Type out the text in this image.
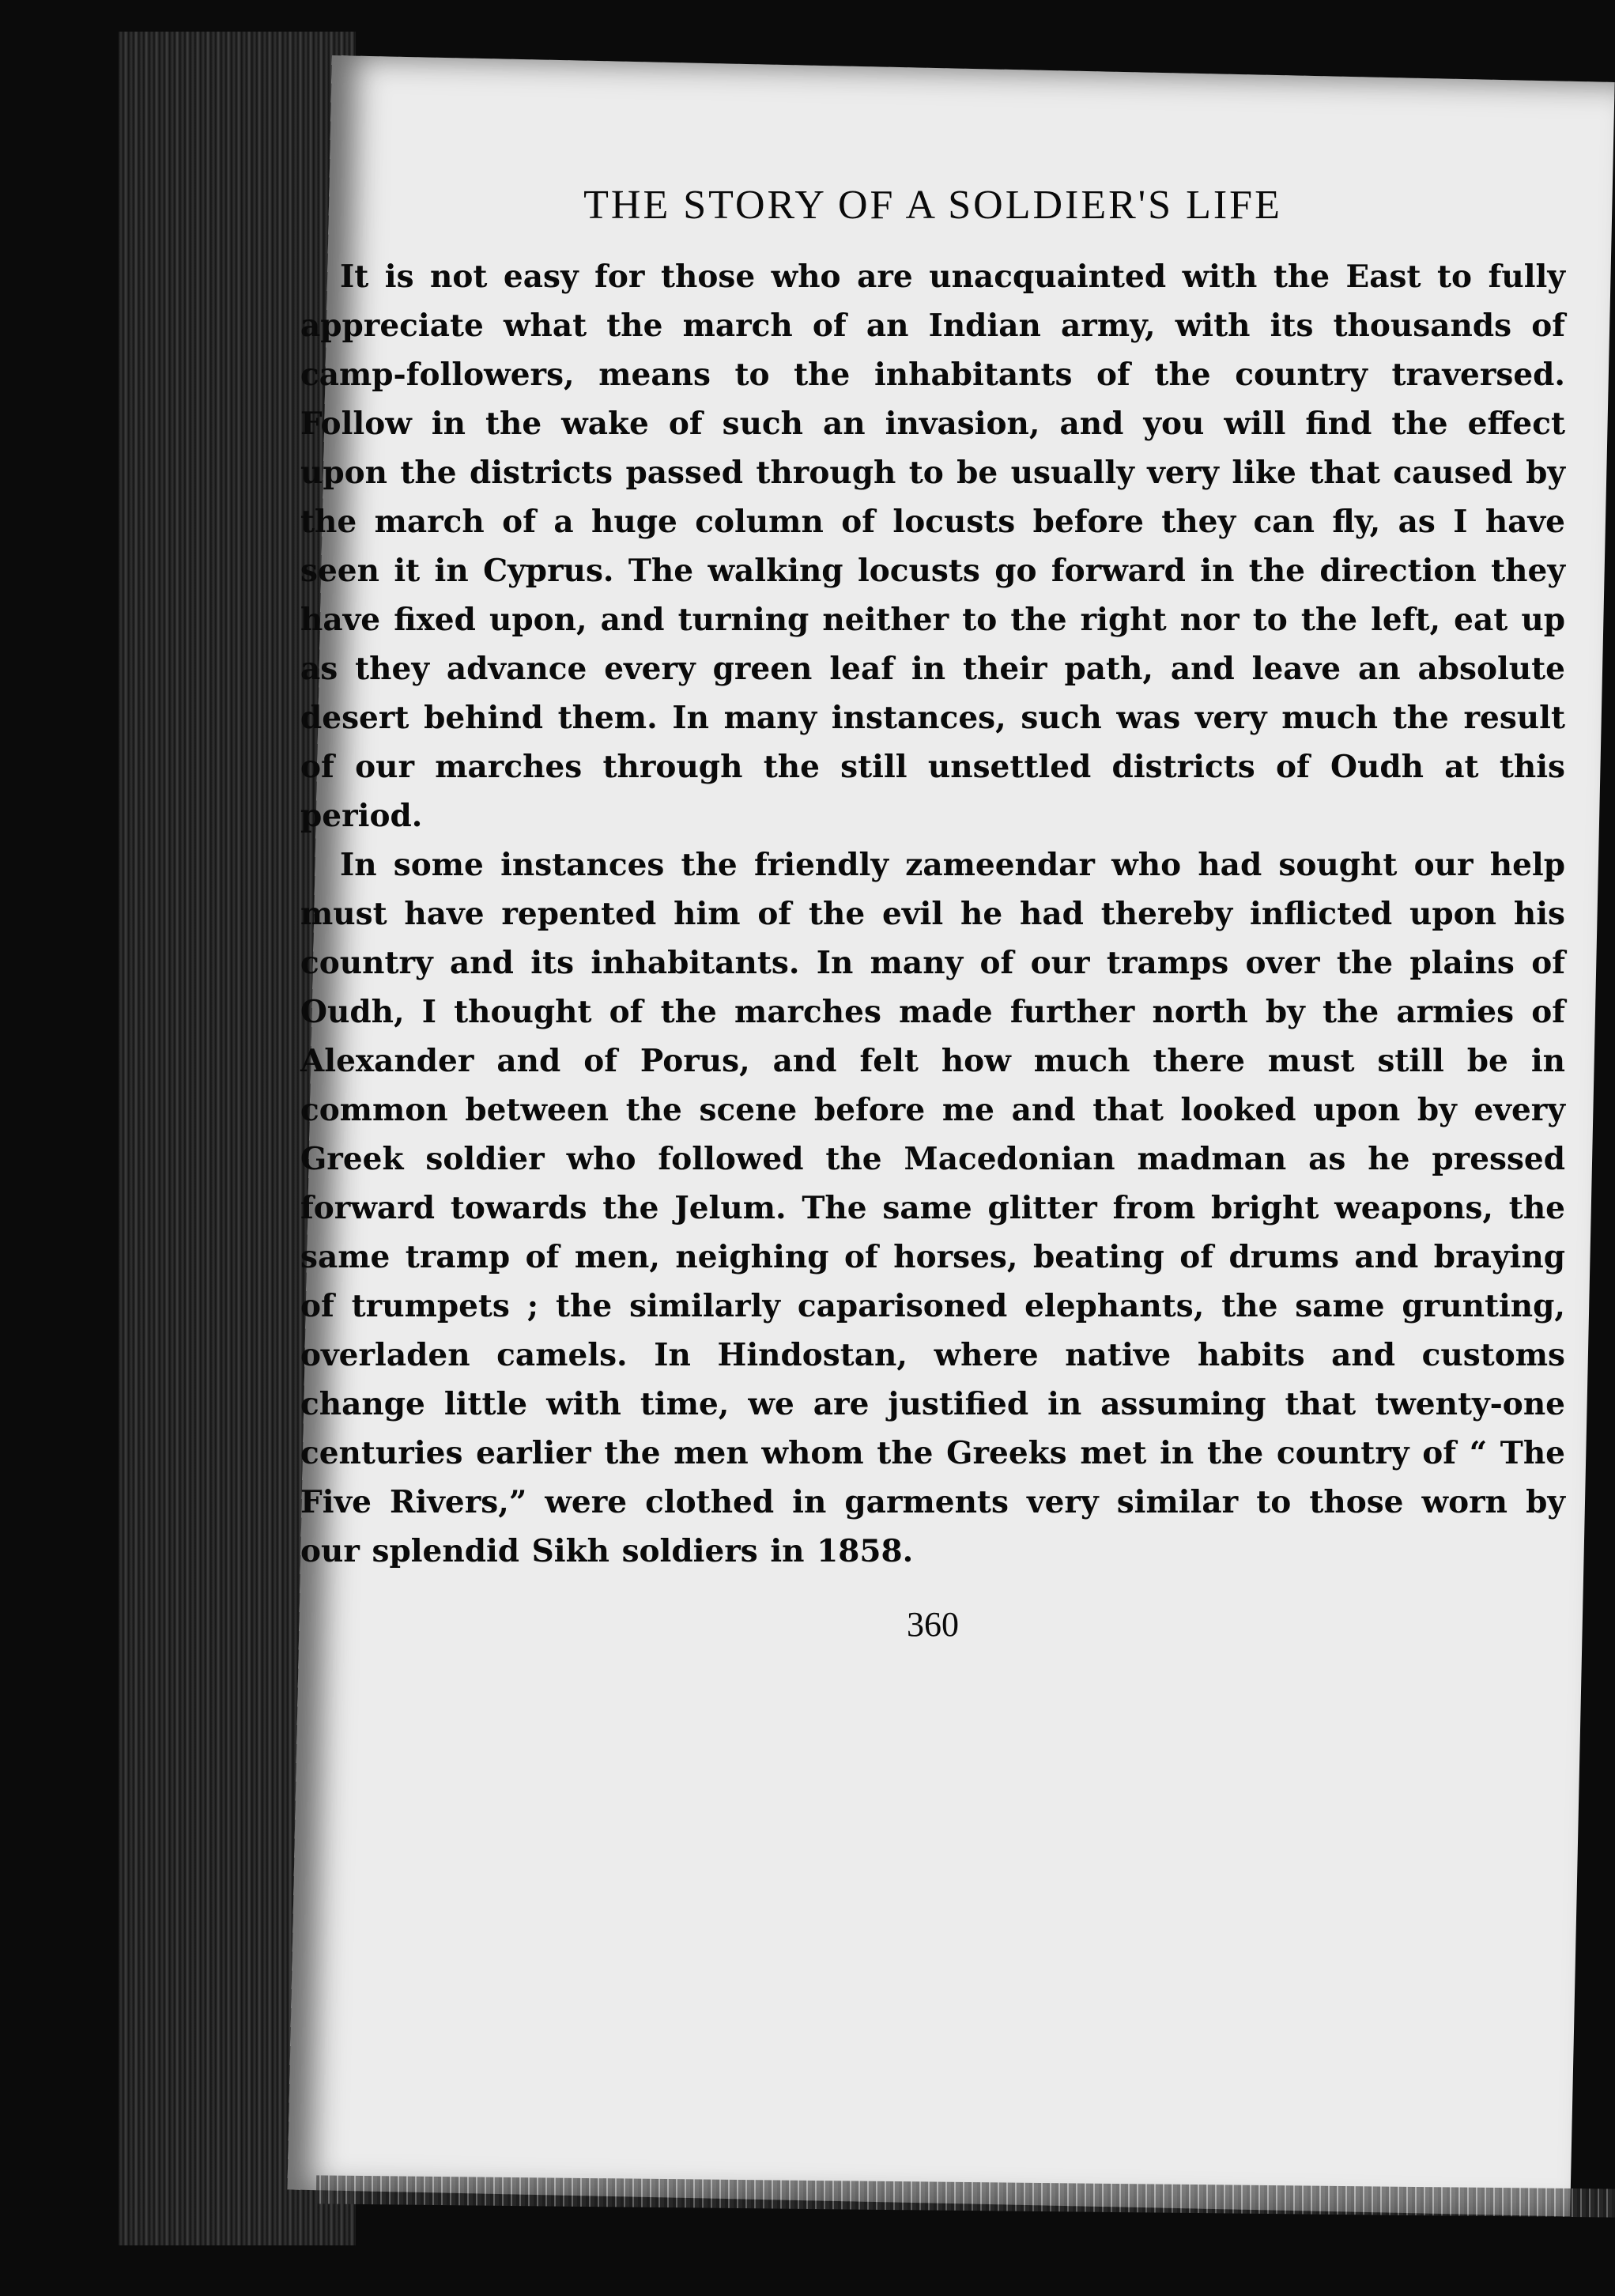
THE STORY OF A SOLDIER'S LIFE

It is not easy for those who are unacquainted with the East to fully appreciate what the march of an Indian army, with its thousands of camp-followers, means to the inhabitants of the country traversed. Follow in the wake of such an invasion, and you will find the effect upon the districts passed through to be usually very like that caused by the march of a huge column of locusts before they can fly, as I have seen it in Cyprus. The walking locusts go forward in the direction they have fixed upon, and turning neither to the right nor to the left, eat up as they advance every green leaf in their path, and leave an absolute desert behind them. In many instances, such was very much the result of our marches through the still unsettled districts of Oudh at this period.

In some instances the friendly zameendar who had sought our help must have repented him of the evil he had thereby inflicted upon his country and its inhabitants. In many of our tramps over the plains of Oudh, I thought of the marches made further north by the armies of Alexander and of Porus, and felt how much there must still be in common between the scene before me and that looked upon by every Greek soldier who followed the Macedonian madman as he pressed forward towards the Jelum. The same glitter from bright weapons, the same tramp of men, neighing of horses, beating of drums and braying of trumpets ; the similarly caparisoned elephants, the same grunting, overladen camels. In Hindostan, where native habits and customs change little with time, we are justified in assuming that twenty-one centuries earlier the men whom the Greeks met in the country of “ The Five Rivers,” were clothed in garments very similar to those worn by our splendid Sikh soldiers in 1858.

360
